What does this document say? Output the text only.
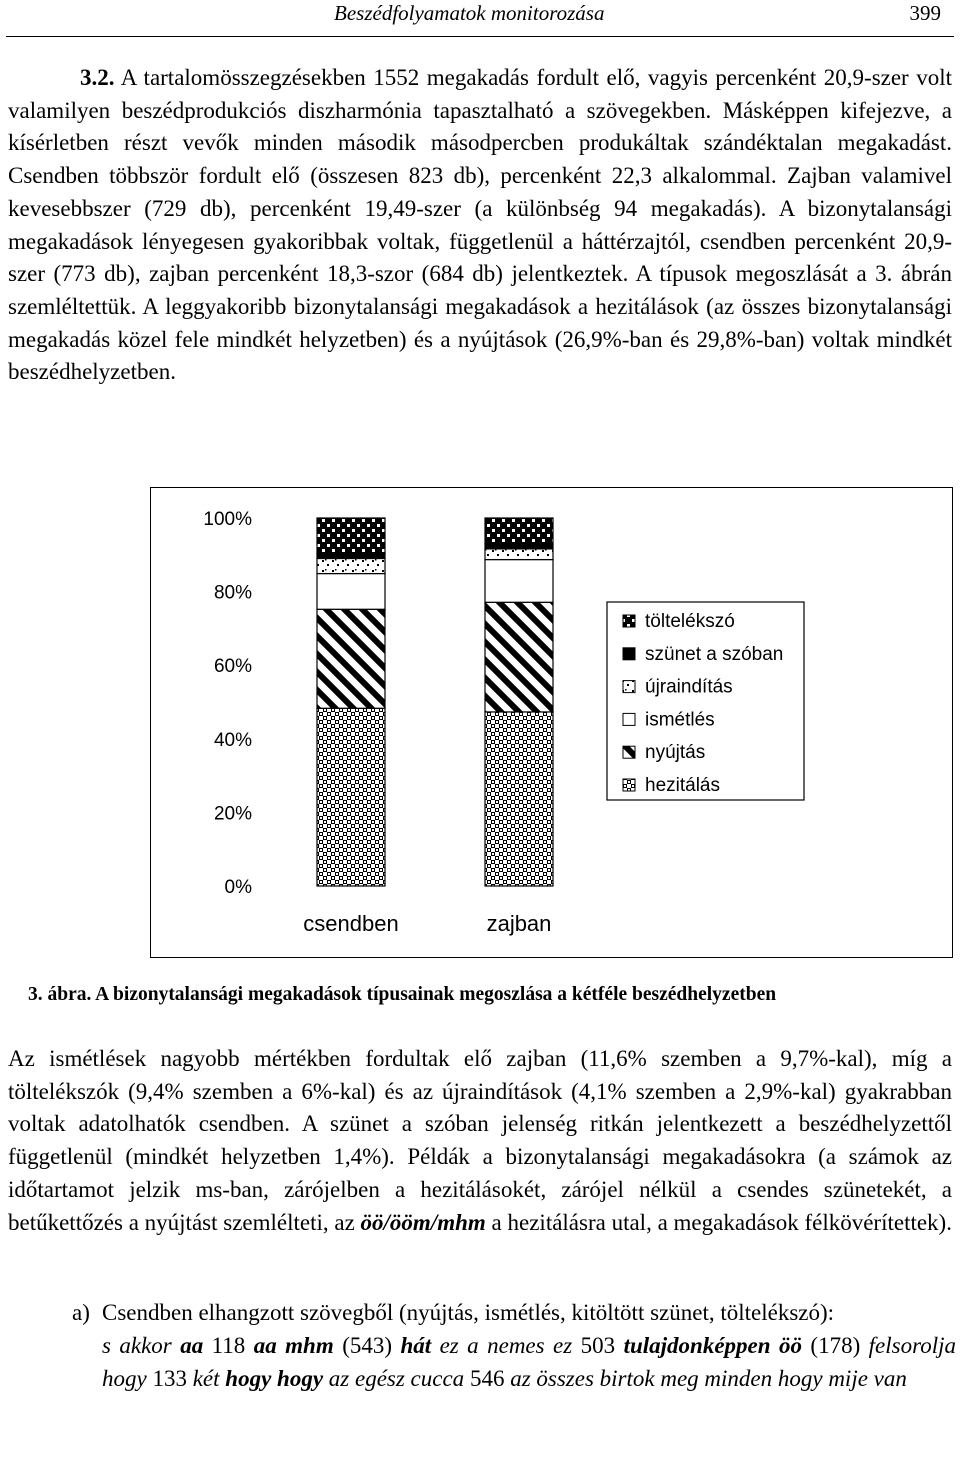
Beszédfolyamatok monitorozása	399

3.2. A tartalomösszegzésekben 1552 megakadás fordult elő, vagyis percenként 20,9-szer volt valamilyen beszédprodukciós diszharmónia tapasztalható a szövegekben. Másképpen kifejezve, a kísérletben részt vevők minden második másodpercben produkáltak szándéktalan megakadást. Csendben többször fordult elő (összesen 823 db), percenként 22,3 alkalommal. Zajban valamivel kevesebbszer (729 db), percenként 19,49-szer (a különbség 94 megakadás). A bizonytalansági megakadások lényegesen gyakoribbak voltak, függetlenül a háttérzajtól, csendben percenként 20,9-szer (773 db), zajban percenként 18,3-szor (684 db) jelentkeztek. A típusok megoszlását a 3. ábrán szemléltettük. A leggyakoribb bizonytalansági megakadások a hezitálások (az összes bizonytalansági megakadás közel fele mindkét helyzetben) és a nyújtások (26,9%-ban és 29,8%-ban) voltak mindkét beszédhelyzetben.

0%
20%
40%
60%
80%
100%
csendben	zajban
töltelékszó
szünet a szóban
újraindítás
ismétlés
nyújtás
hezitálás
3. ábra. A bizonytalansági megakadások típusainak megoszlása a kétféle beszédhelyzetben

Az ismétlések nagyobb mértékben fordultak elő zajban (11,6% szemben a 9,7%-kal), míg a töltelékszók (9,4% szemben a 6%-kal) és az újraindítások (4,1% szemben a 2,9%-kal) gyakrabban voltak adatolhatók csendben. A szünet a szóban jelenség ritkán jelentkezett a beszédhelyzettől függetlenül (mindkét helyzetben 1,4%). Példák a bizonytalansági megakadásokra (a számok az időtartamot jelzik ms-ban, zárójelben a hezitálásokét, zárójel nélkül a csendes szünetekét, a betűkettőzés a nyújtást szemlélteti, az öö/ööm/mhm a hezitálásra utal, a megakadások félkövérítettek).

a) Csendben elhangzott szövegből (nyújtás, ismétlés, kitöltött szünet, töltelékszó):
s akkor aa 118 aa mhm (543) hát ez a nemes ez 503 tulajdonképpen öö (178) felsorolja hogy 133 két hogy hogy az egész cucca 546 az összes birtok meg minden hogy mije van
